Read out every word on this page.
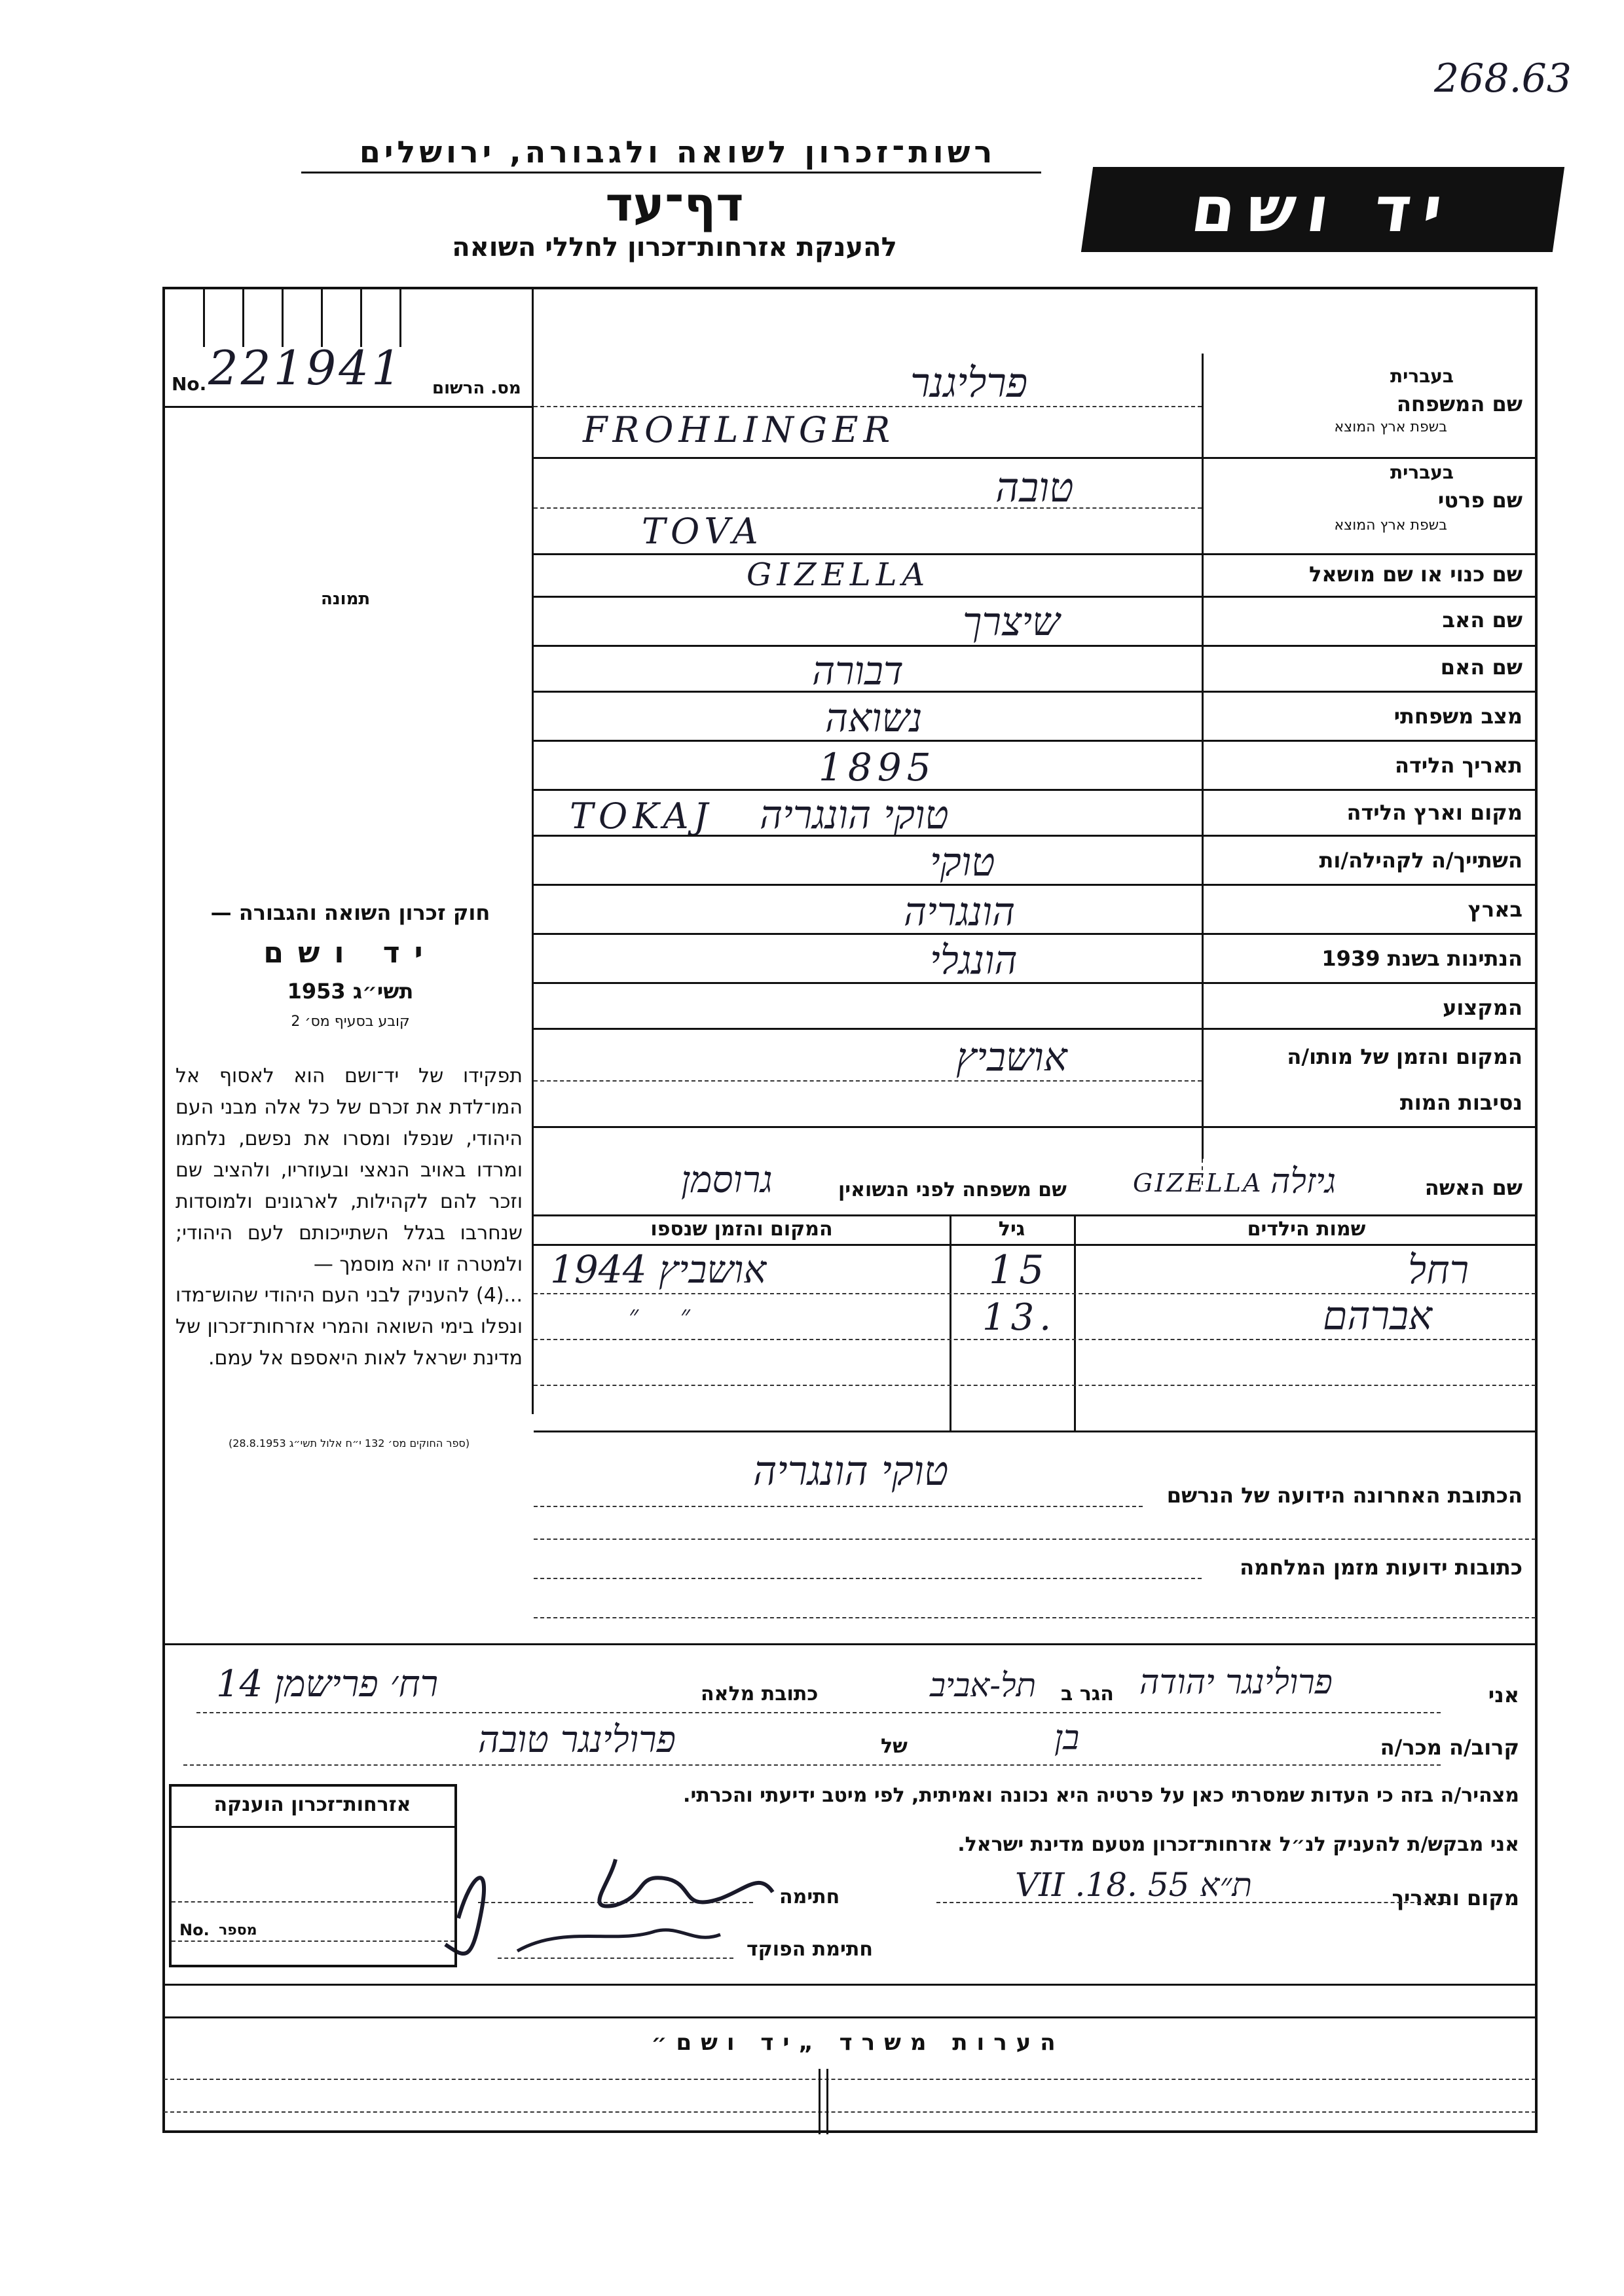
268.63
רשות־זכרון לשואה ולגבורה, ירושלים
דף־עד
להענקת אזרחות־זכרון לחללי השואה
יד ושם
No. 221941 מס. הרשום
תמונה
חוק זכרון השואה והגבורה —
יד ושם
תשי״ג 1953
קובע בסעיף מס׳ 2
תפקידו של יד־ושם הוא לאסוף אל המו־לדת את זכרם של כל אלה מבני העם היהודי, שנפלו ומסרו את נפשם, נלחמו ומרדו באויב הנאצי ובעוזריו, ולהציב שם וזכר להם לקהילות, לארגונים ולמוסדות שנחרבו בגלל השתייכותם לעם היהודי; ולמטרה זו יהא מוסמך —
...(4) להעניק לבני העם היהודי שהוש־מדו ונפלו בימי השואה והמרי אזרחות־זכרון של מדינת ישראל לאות היאספם אל עמם.
(ספר החוקים מס׳ 132 י״ח אלול תשי״ג 28.8.1953)
שם המשפחה
בעברית
בשפת ארץ המוצא
פרליגנר
FROHLINGER
שם פרטי
בעברית
בשפת ארץ המוצא
טובה
TOVA
שם כנוי או שם מושאל
GIZELLA
שם האב
שיצרך
שם האם
דבורה
מצב משפחתי
נשואה
תאריך הלידה
1895
מקום וארץ הלידה
TOKAJ טוקי הונגריה
השתייך/ה לקהילה/ות
טוקי
בארץ
הונגריה
הנתינות בשנת 1939
הונגלי
המקצוע
המקום והזמן של מותו/ה
אושביץ
נסיבות המות
שם האשה
גיזלה
GIZELLA
שם משפחה לפני הנשואין
גרוסמן
שמות הילדים
גיל
המקום והזמן שנספו
רחל
15
אושביץ 1944
אברהם
13.
״     ״
טוקי הונגריה
הכתובת האחרונה הידועה של הנרשם
כתובות ידועות מזמן המלחמה
אני
פרולינגר יהודה
הגר ב
תל-אביב
כתובת מלאה
רח׳ פרישמן 14
קרוב/ה מכר/ה
בן
של
פרולינגר טובה
מצהיר/ה בזה כי העדות שמסרתי כאן על פרטיה היא נכונה ואמיתית, לפי מיטב ידיעתי והכרתי.
אני מבקש/ת להעניק לנ״ל אזרחות־זכרון מטעם מדינת ישראל.
מקום ותאריך
ת״א 55 .VII .18
חתימה
חתימת הפוקד
אזרחות־זכרון הוענקה
No. מספר
הערות משרד „יד ושם״
